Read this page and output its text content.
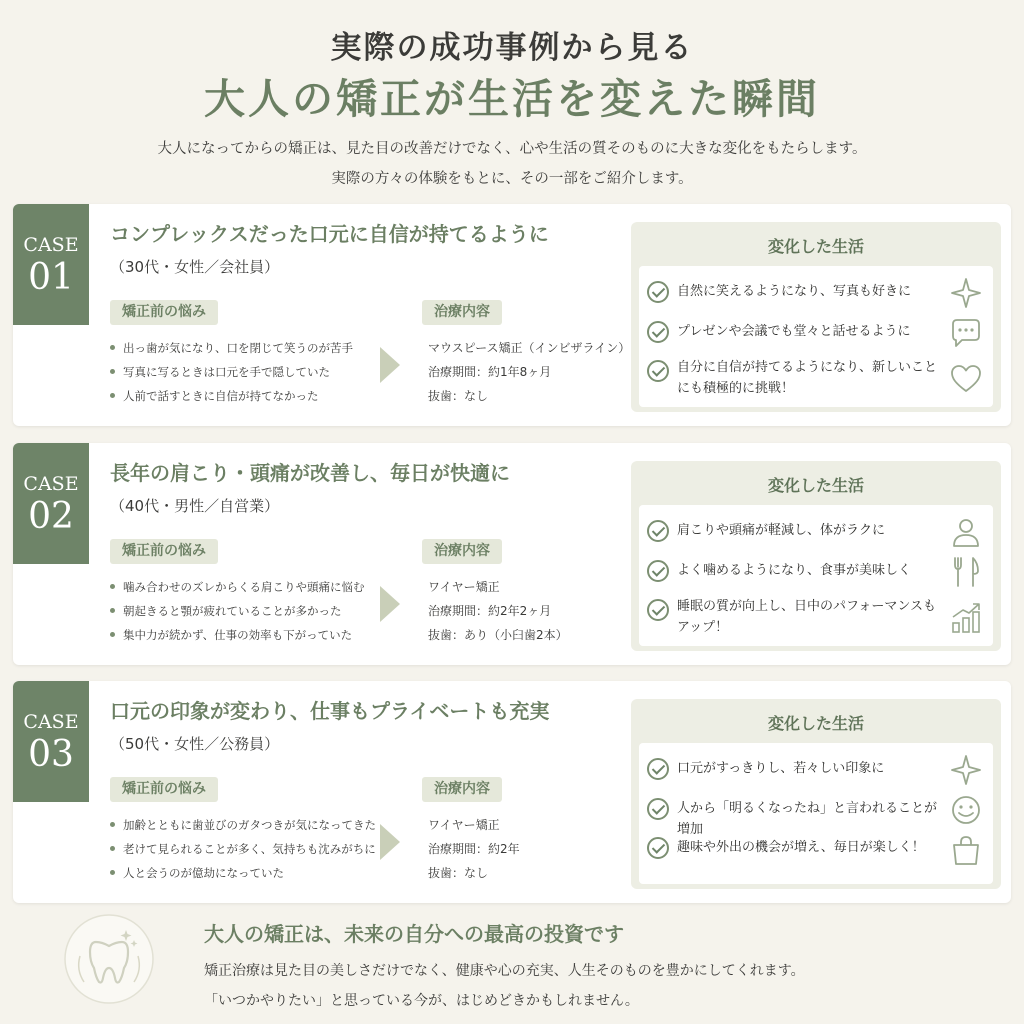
実際の成功事例から見る
大人の矯正が生活を変えた瞬間
大人になってからの矯正は、見た目の改善だけでなく、心や生活の質そのものに大きな変化をもたらします。
実際の方々の体験をもとに、その一部をご紹介します。
CASE
01
コンプレックスだった口元に自信が持てるように
（30代・女性／会社員）
矯正前の悩み
出っ歯が気になり、口を閉じて笑うのが苦手
写真に写るときは口元を手で隠していた
人前で話すときに自信が持てなかった
治療内容
マウスピース矯正（インビザライン）
治療期間：約1年8ヶ月
抜歯：なし
変化した生活
自然に笑えるようになり、写真も好きに
プレゼンや会議でも堂々と話せるように
自分に自信が持てるようになり、新しいことにも積極的に挑戦！
CASE
02
長年の肩こり・頭痛が改善し、毎日が快適に
（40代・男性／自営業）
矯正前の悩み
噛み合わせのズレからくる肩こりや頭痛に悩む
朝起きると顎が疲れていることが多かった
集中力が続かず、仕事の効率も下がっていた
治療内容
ワイヤー矯正
治療期間：約2年2ヶ月
抜歯：あり（小臼歯2本）
変化した生活
肩こりや頭痛が軽減し、体がラクに
よく噛めるようになり、食事が美味しく
睡眠の質が向上し、日中のパフォーマンスもアップ！
CASE
03
口元の印象が変わり、仕事もプライベートも充実
（50代・女性／公務員）
矯正前の悩み
加齢とともに歯並びのガタつきが気になってきた
老けて見られることが多く、気持ちも沈みがちに
人と会うのが億劫になっていた
治療内容
ワイヤー矯正
治療期間：約2年
抜歯：なし
変化した生活
口元がすっきりし、若々しい印象に
人から「明るくなったね」と言われることが増加
趣味や外出の機会が増え、毎日が楽しく！
大人の矯正は、未来の自分への最高の投資です
矯正治療は見た目の美しさだけでなく、健康や心の充実、人生そのものを豊かにしてくれます。
「いつかやりたい」と思っている今が、はじめどきかもしれません。
